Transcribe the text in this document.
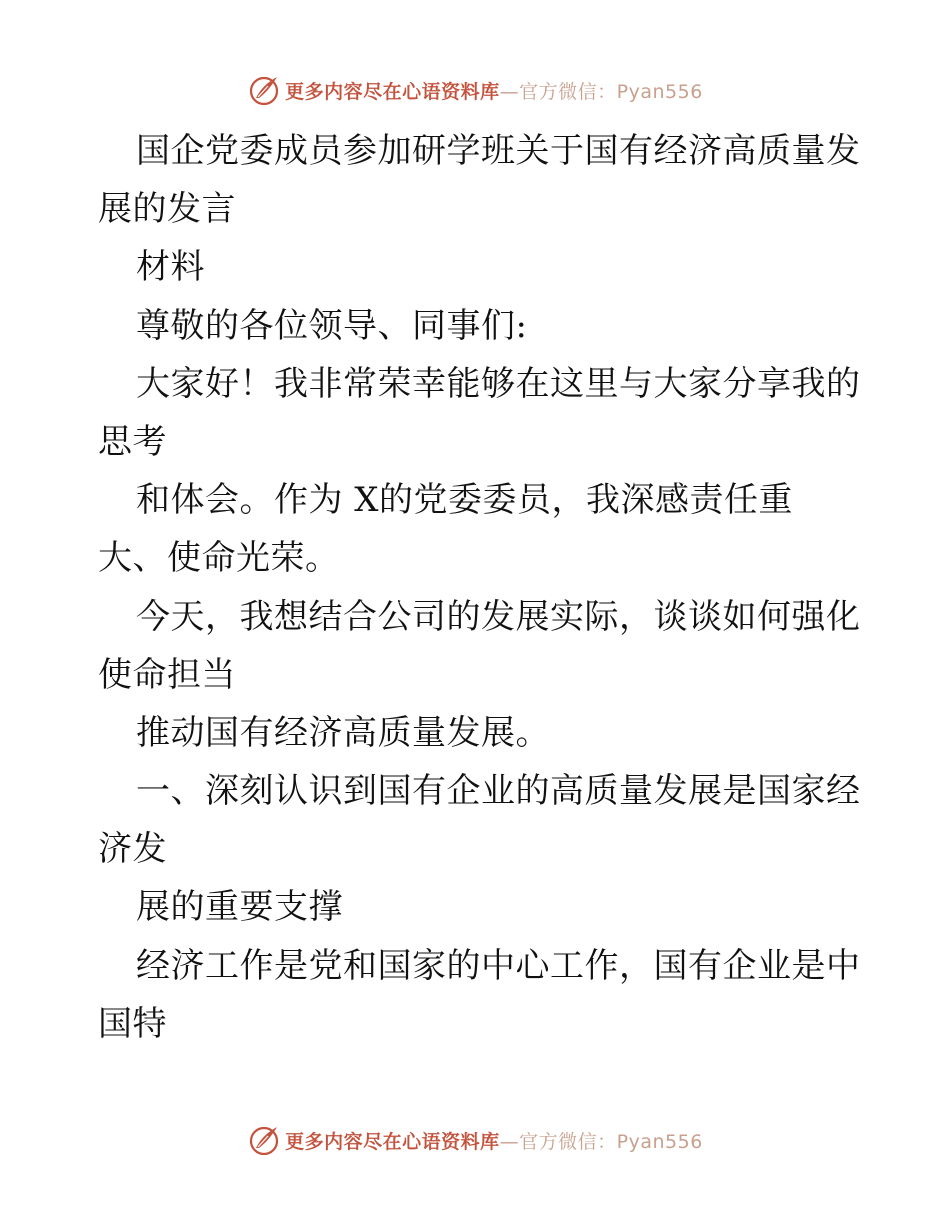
更多内容尽在心语资料库—官方微信：Pyan556
国企党委成员参加研学班关于国有经济高质量发
展的发言
材料
尊敬的各位领导、同事们:
大家好！我非常荣幸能够在这里与大家分享我的
思考
和体会。作为 X的党委委员，我深感责任重
大、使命光荣。
今天，我想结合公司的发展实际，谈谈如何强化
使命担当
推动国有经济高质量发展。
一、深刻认识到国有企业的高质量发展是国家经
济发
展的重要支撑
经济工作是党和国家的中心工作，国有企业是中
国特
更多内容尽在心语资料库—官方微信：Pyan556
